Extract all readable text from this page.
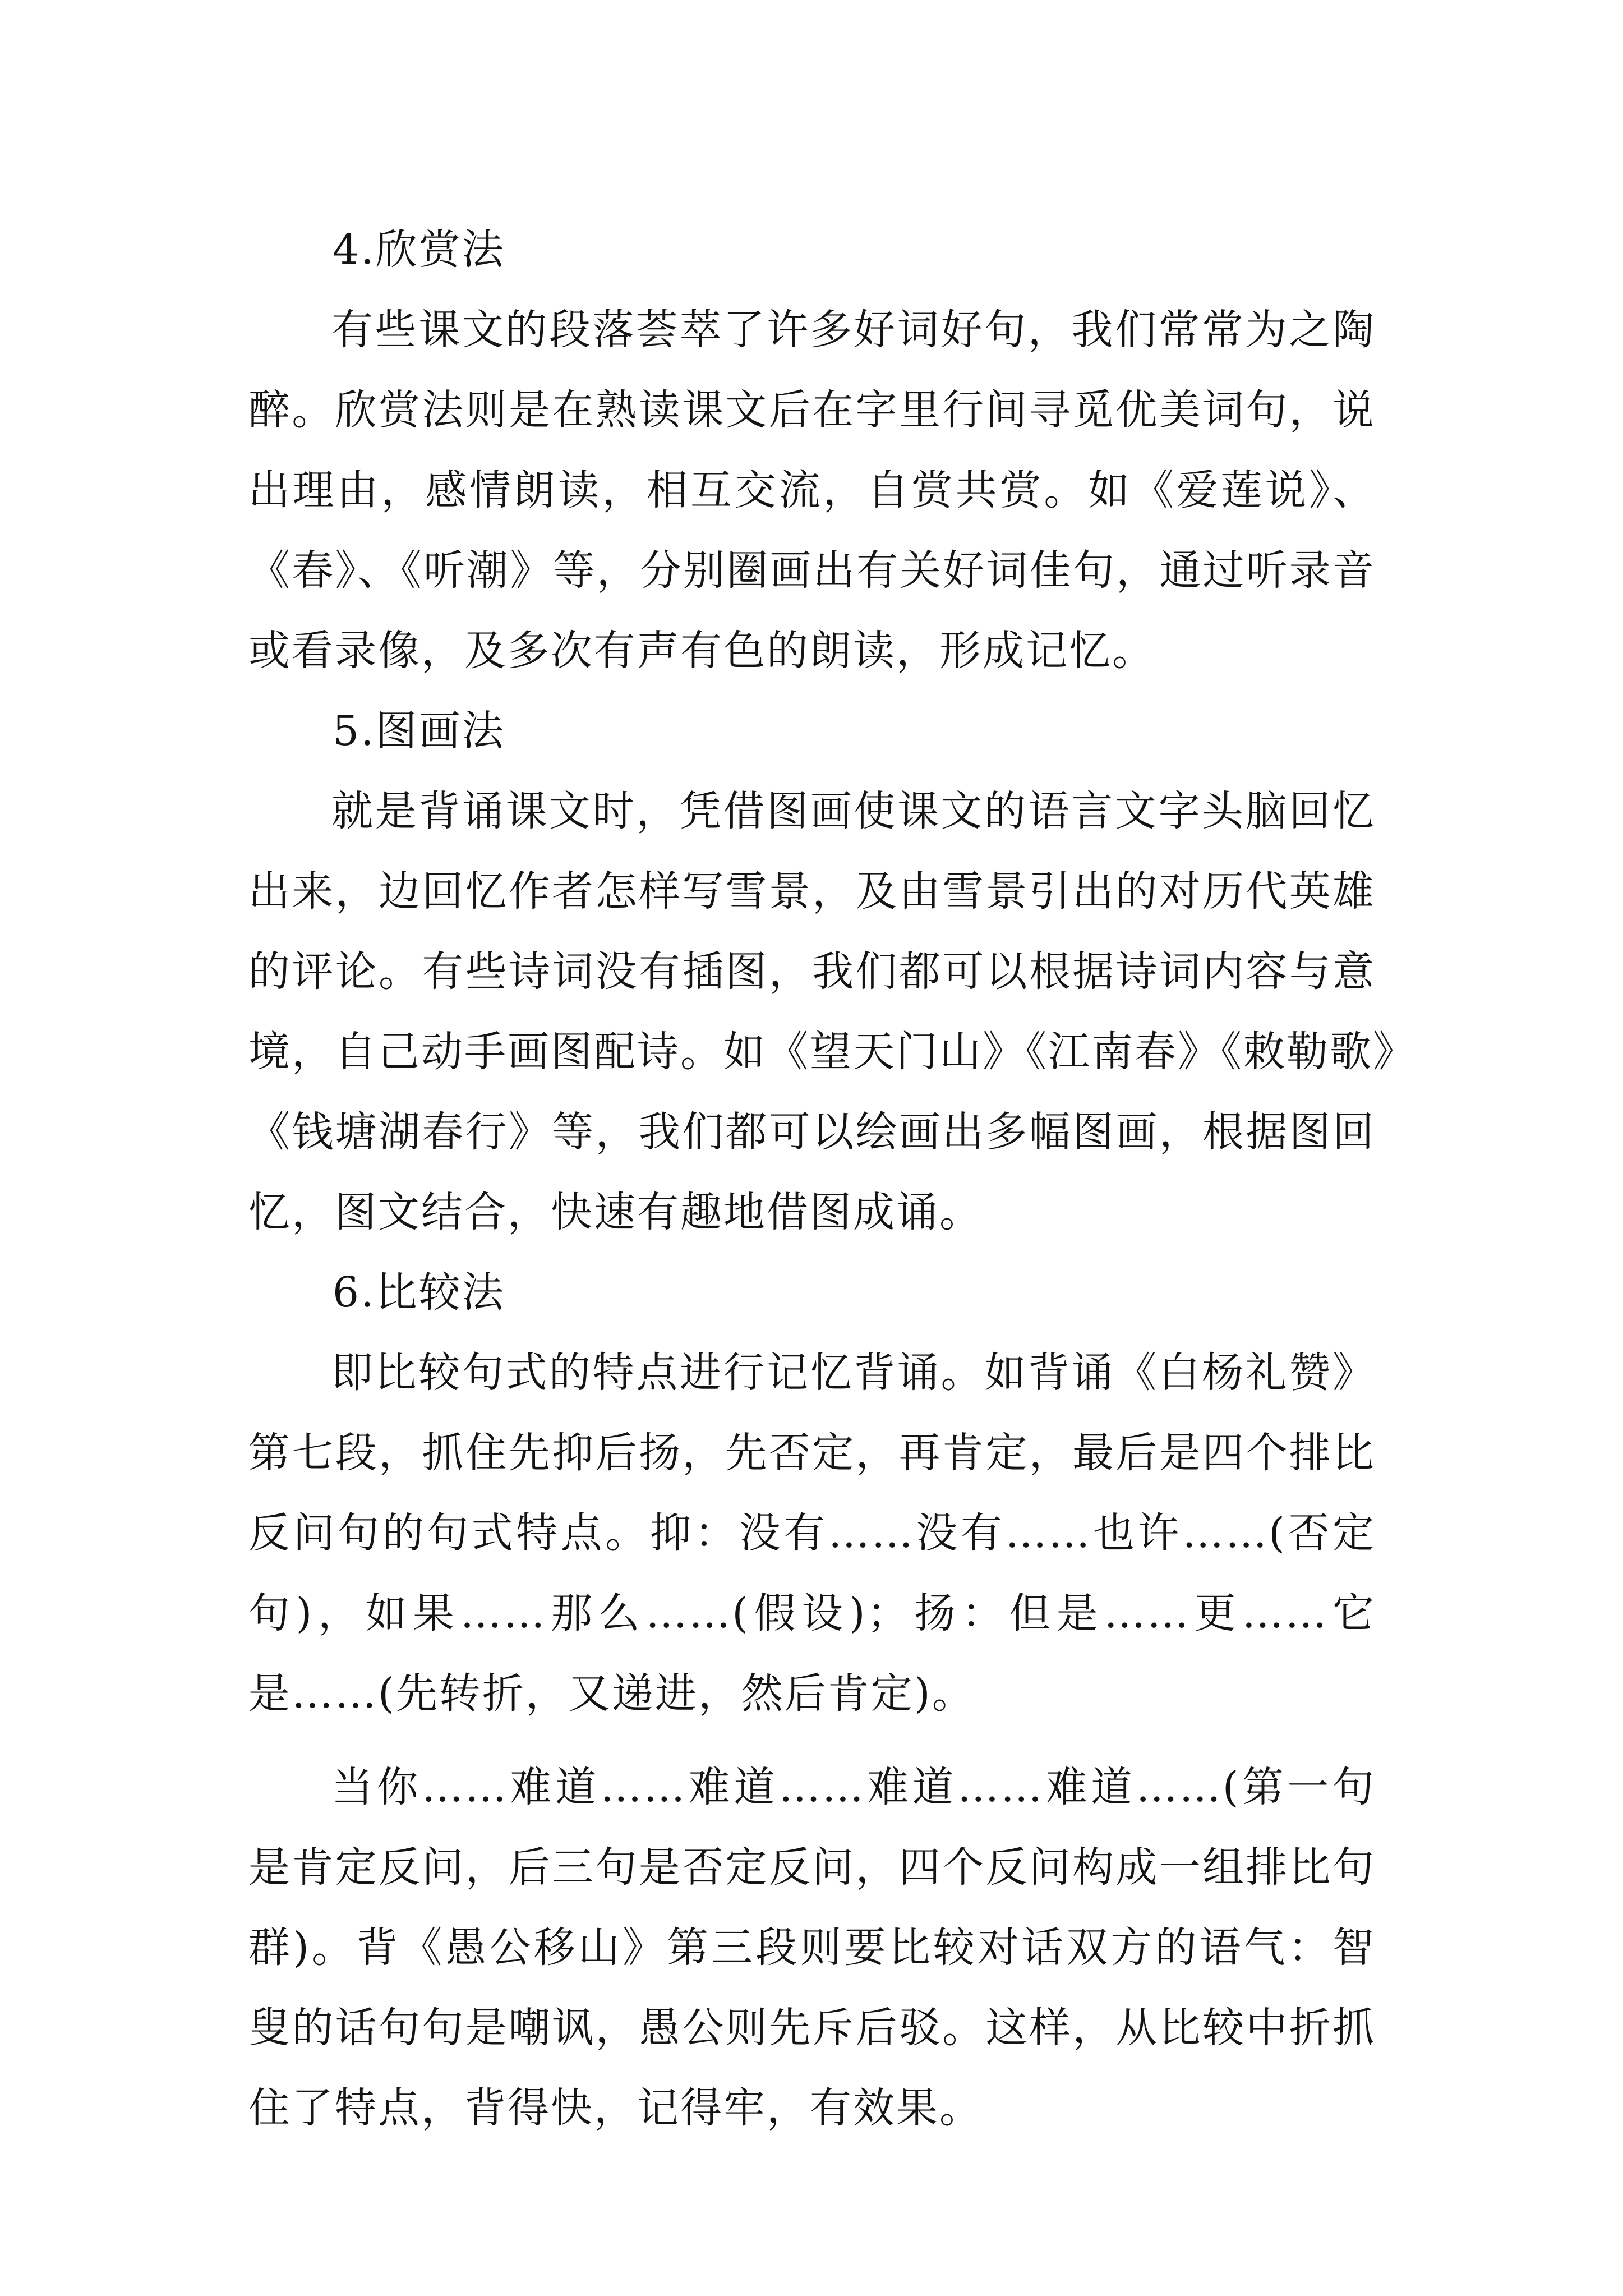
4.欣赏法
有些课文的段落荟萃了许多好词好句，我们常常为之陶
醉。欣赏法则是在熟读课文后在字里行间寻觅优美词句，说
出理由，感情朗读，相互交流，自赏共赏。如《爱莲说》、
《春》、《听潮》等，分别圈画出有关好词佳句，通过听录音
或看录像，及多次有声有色的朗读，形成记忆。
5.图画法
就是背诵课文时，凭借图画使课文的语言文字头脑回忆
出来，边回忆作者怎样写雪景，及由雪景引出的对历代英雄
的评论。有些诗词没有插图，我们都可以根据诗词内容与意
境，自己动手画图配诗。如《望天门山》《江南春》《敕勒歌》
《钱塘湖春行》等，我们都可以绘画出多幅图画，根据图回
忆，图文结合，快速有趣地借图成诵。
6.比较法
即比较句式的特点进行记忆背诵。如背诵《白杨礼赞》
第七段，抓住先抑后扬，先否定，再肯定，最后是四个排比
反问句的句式特点。抑：没有……没有……也许……(否定
句)，如果……那么……(假设)；扬：但是……更……它
是……(先转折，又递进，然后肯定)。
当你……难道……难道……难道……难道……(第一句
是肯定反问，后三句是否定反问，四个反问构成一组排比句
群)。背《愚公移山》第三段则要比较对话双方的语气：智
叟的话句句是嘲讽，愚公则先斥后驳。这样，从比较中折抓
住了特点，背得快，记得牢，有效果。
